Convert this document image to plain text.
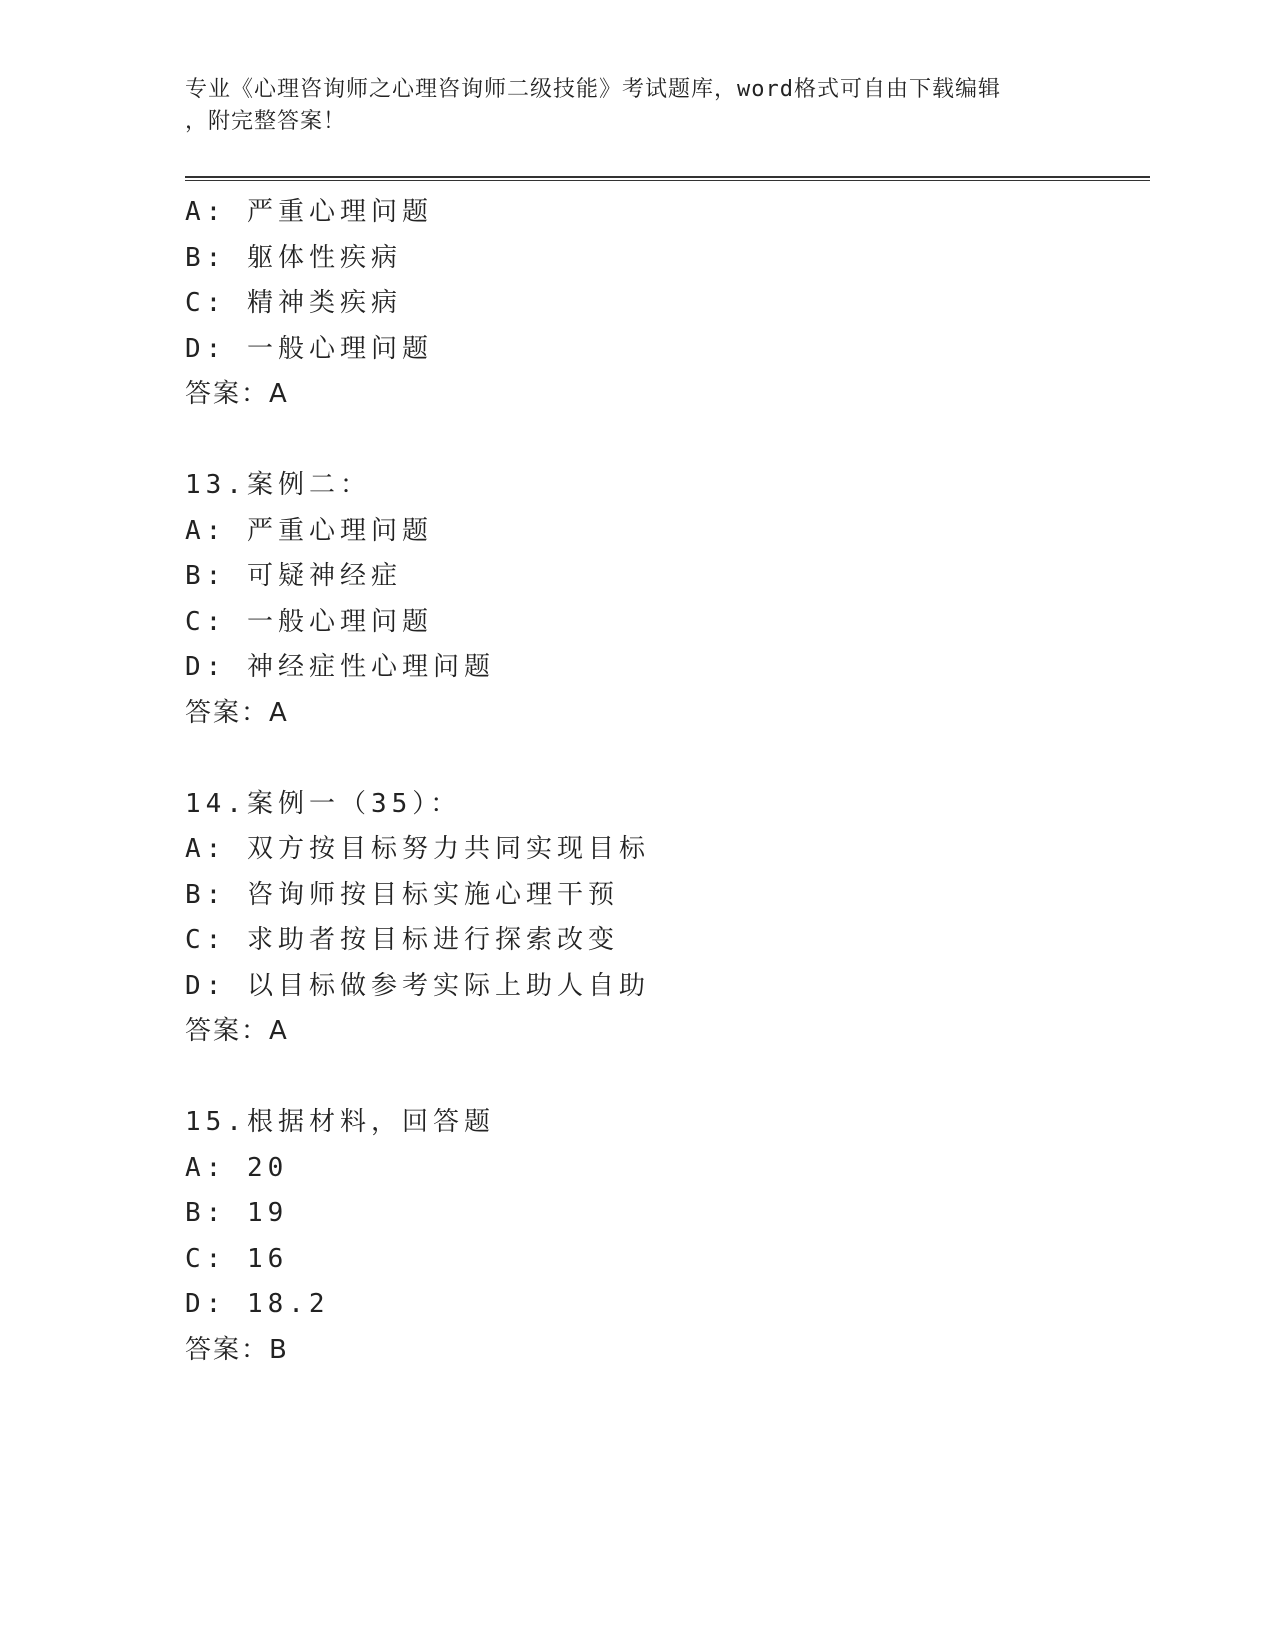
专业《心理咨询师之心理咨询师二级技能》考试题库，word格式可自由下载编辑
，附完整答案！
A: 严重心理问题
B: 躯体性疾病
C: 精神类疾病
D: 一般心理问题
答案：A
13.案例二：
A: 严重心理问题
B: 可疑神经症
C: 一般心理问题
D: 神经症性心理问题
答案：A
14.案例一（35）：
A: 双方按目标努力共同实现目标
B: 咨询师按目标实施心理干预
C: 求助者按目标进行探索改变
D: 以目标做参考实际上助人自助
答案：A
15.根据材料，回答题
A: 20
B: 19
C: 16
D: 18.2
答案：B
